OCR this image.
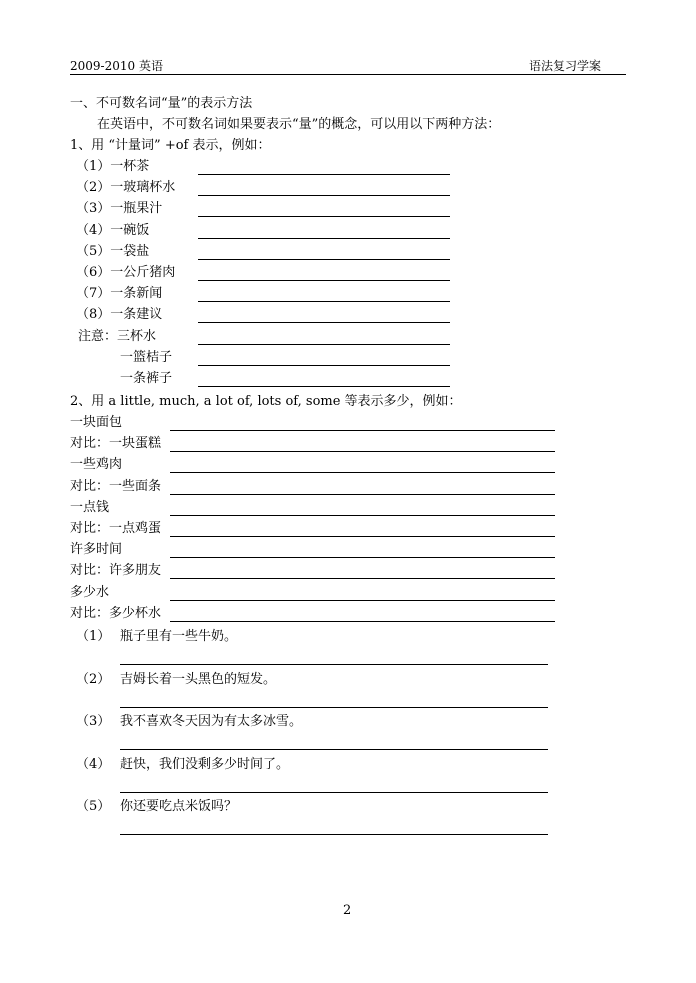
2009-2010 英语	语法复习学案
一、不可数名词“量”的表示方法
在英语中，不可数名词如果要表示“量”的概念，可以用以下两种方法：
1、用 “计量词” +of 表示，例如：
（1）一杯茶
（2）一玻璃杯水
（3）一瓶果汁
（4）一碗饭
（5）一袋盐
（6）一公斤猪肉
（7）一条新闻
（8）一条建议
注意：三杯水
一篮桔子
一条裤子
2、用 a little, much, a lot of, lots of, some 等表示多少，例如：
一块面包
对比：一块蛋糕
一些鸡肉
对比：一些面条
一点钱
对比：一点鸡蛋
许多时间
对比：许多朋友
多少水
对比：多少杯水
（1） 瓶子里有一些牛奶。
（2） 吉姆长着一头黑色的短发。
（3） 我不喜欢冬天因为有太多冰雪。
（4） 赶快，我们没剩多少时间了。
（5） 你还要吃点米饭吗？
2
